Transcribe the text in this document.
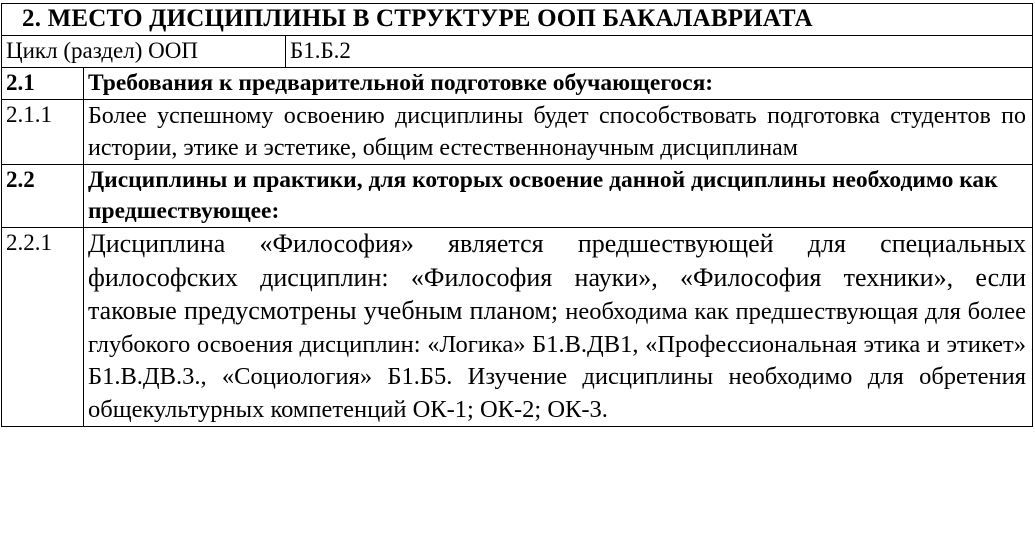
2. МЕСТО ДИСЦИПЛИНЫ В СТРУКТУРЕ ООП БАКАЛАВРИАТА		
Цикл (раздел) ООП		Б1.Б.2
2.1	Требования к предварительной подготовке обучающегося:	
2.1.1	Более успешному освоению дисциплины будет способствовать подготовка студентов по истории, этике и эстетике, общим естественнонаучным дисциплинам	
2.2	Дисциплины и практики, для которых освоение данной дисциплины необходимо как предшествующее:	
2.2.1	Дисциплина «Философия» является предшествующей для специальных философских дисциплин: «Философия науки», «Философия техники», если таковые предусмотрены учебным планом; необходима как предшествующая для более глубокого освоения дисциплин: «Логика» Б1.В.ДВ1, «Профессиональная этика и этикет» Б1.В.ДВ.3., «Социология» Б1.Б5. Изучение дисциплины необходимо для обретения общекультурных компетенций ОК-1; ОК-2; ОК-3.	
